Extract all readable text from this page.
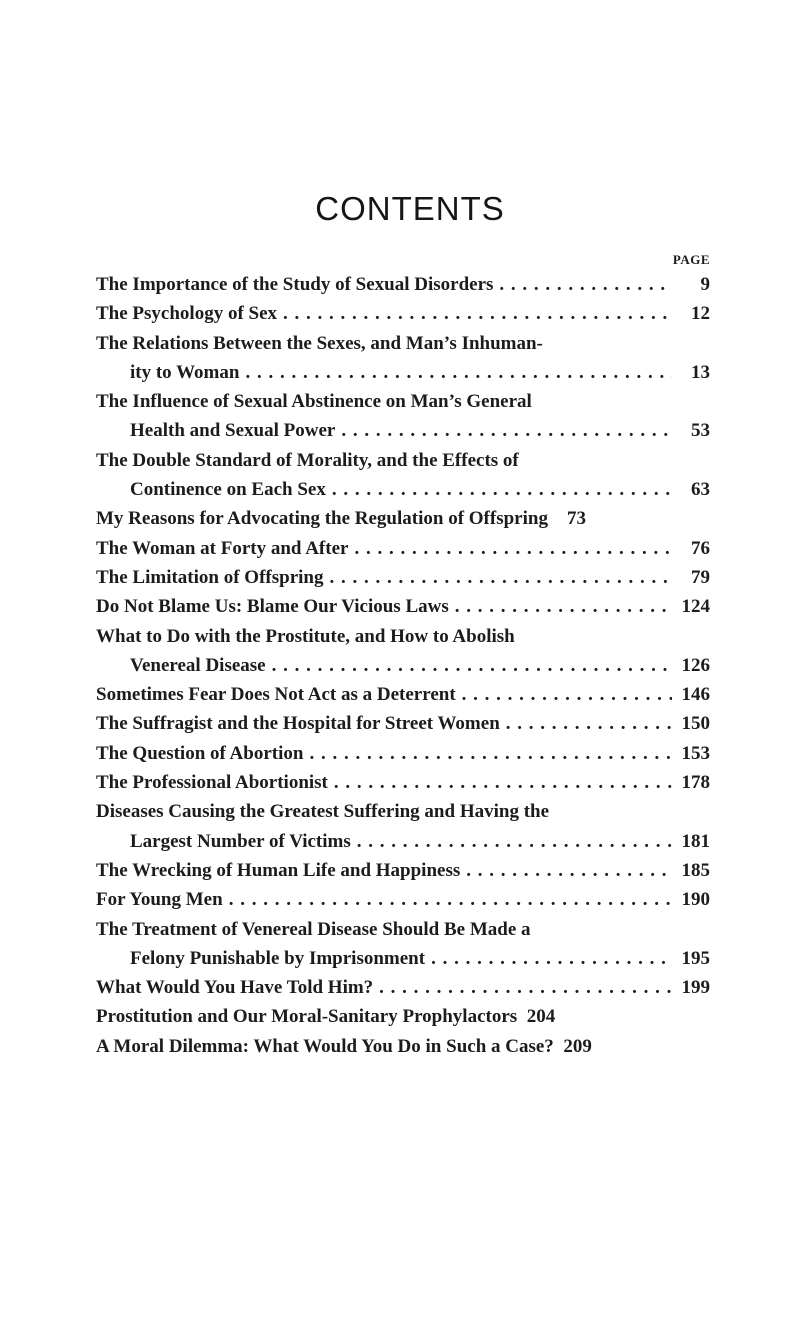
CONTENTS
PAGE
The Importance of the Study of Sexual Disorders . . .	9
The Psychology of Sex . . .	12
The Relations Between the Sexes, and Man’s Inhuman-
ity to Woman . . .	13
The Influence of Sexual Abstinence on Man’s General
Health and Sexual Power . . .	53
The Double Standard of Morality, and the Effects of
Continence on Each Sex . . .	63
My Reasons for Advocating the Regulation of Offspring	73
The Woman at Forty and After . . .	76
The Limitation of Offspring . . .	79
Do Not Blame Us: Blame Our Vicious Laws . . .	124
What to Do with the Prostitute, and How to Abolish
Venereal Disease . . .	126
Sometimes Fear Does Not Act as a Deterrent . . .	146
The Suffragist and the Hospital for Street Women . . .	150
The Question of Abortion . . .	153
The Professional Abortionist . . .	178
Diseases Causing the Greatest Suffering and Having the
Largest Number of Victims . . .	181
The Wrecking of Human Life and Happiness . . .	185
For Young Men . . .	190
The Treatment of Venereal Disease Should Be Made a
Felony Punishable by Imprisonment . . .	195
What Would You Have Told Him? . . .	199
Prostitution and Our Moral-Sanitary Prophylactors 204
A Moral Dilemma: What Would You Do in Such a Case? 209
